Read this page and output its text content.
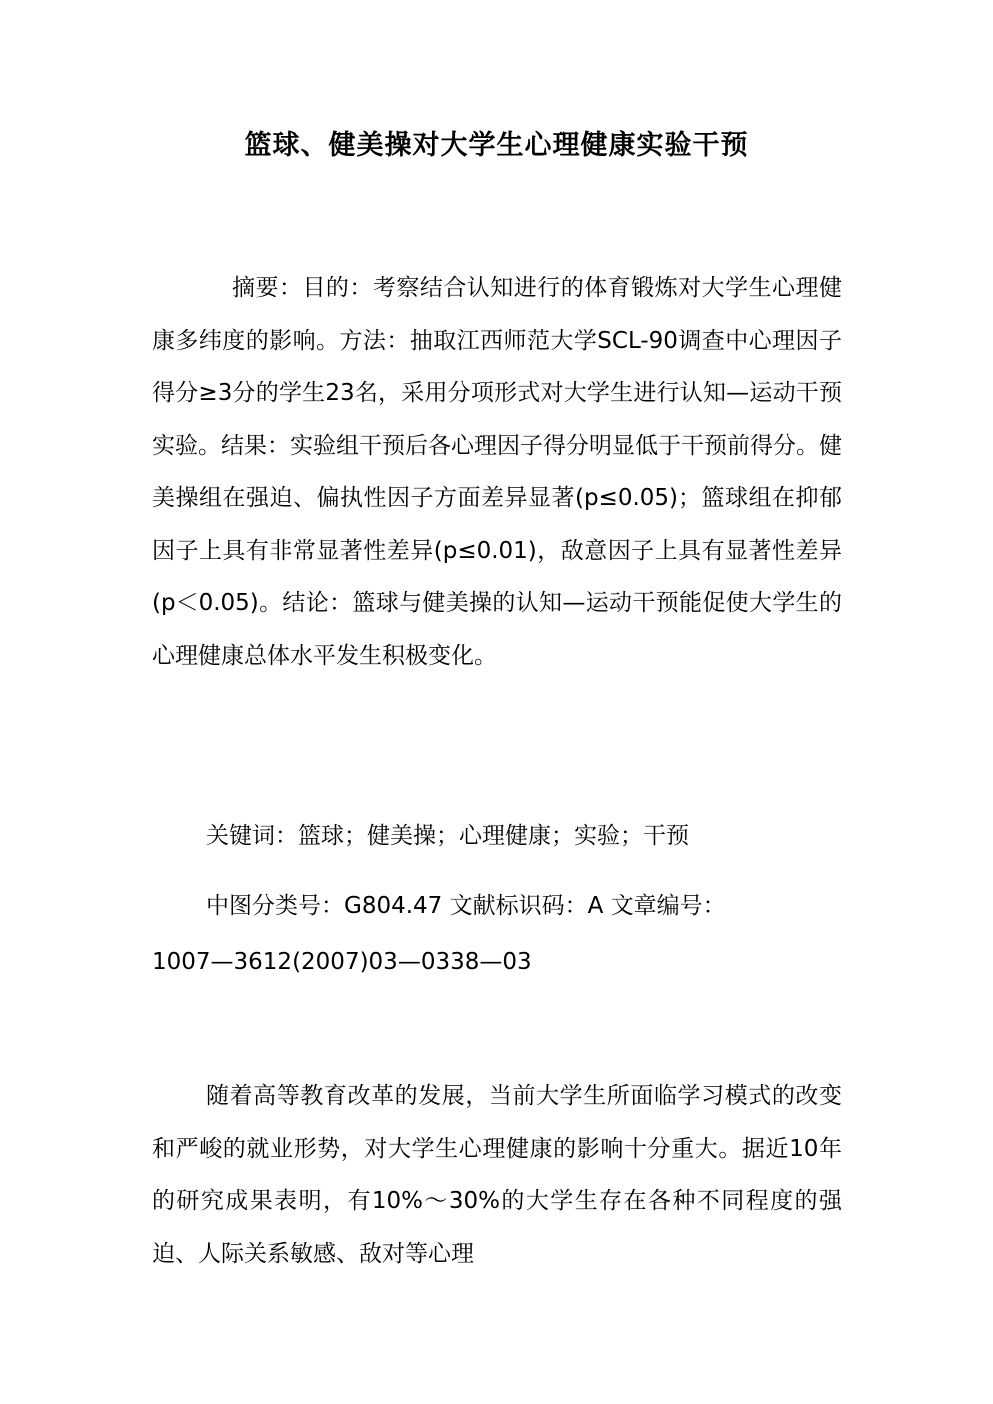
篮球、健美操对大学生心理健康实验干预

摘要：目的：考察结合认知进行的体育锻炼对大学生心理健康多纬度的影响。方法：抽取江西师范大学SCL-90调查中心理因子得分≥3分的学生23名，采用分项形式对大学生进行认知—运动干预实验。结果：实验组干预后各心理因子得分明显低于干预前得分。健美操组在强迫、偏执性因子方面差异显著(p≤0.05)；篮球组在抑郁因子上具有非常显著性差异(p≤0.01)，敌意因子上具有显著性差异(p＜0.05)。结论：篮球与健美操的认知—运动干预能促使大学生的心理健康总体水平发生积极变化。

关键词：篮球；健美操；心理健康；实验；干预

中图分类号：G804.47 文献标识码：A 文章编号：

1007—3612(2007)03—0338—03

随着高等教育改革的发展，当前大学生所面临学习模式的改变和严峻的就业形势，对大学生心理健康的影响十分重大。据近10年的研究成果表明，有10%～30%的大学生存在各种不同程度的强迫、人际关系敏感、敌对等心理
